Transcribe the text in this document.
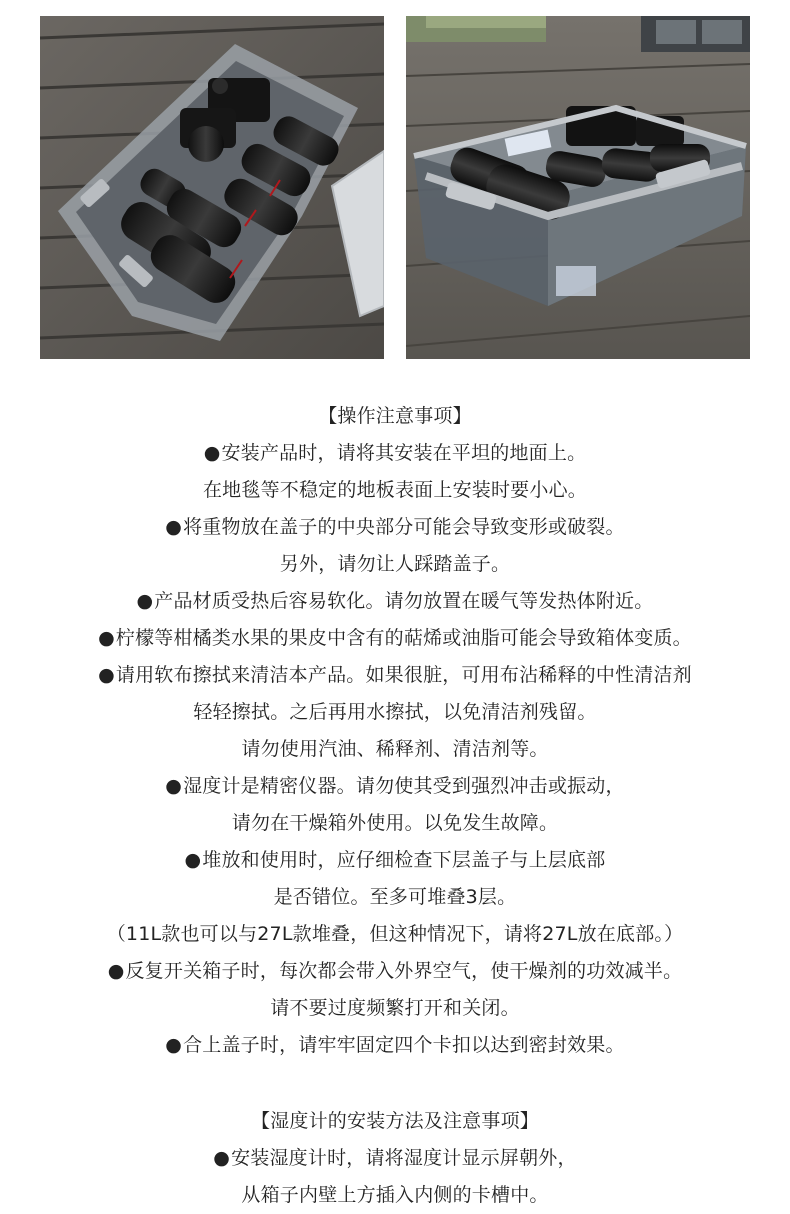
【操作注意事项】
● 安装产品时，请将其安装在平坦的地面上。
在地毯等不稳定的地板表面上安装时要小心。
● 将重物放在盖子的中央部分可能会导致变形或破裂。
另外，请勿让人踩踏盖子。
● 产品材质受热后容易软化。请勿放置在暖气等发热体附近。
● 柠檬等柑橘类水果的果皮中含有的萜烯或油脂可能会导致箱体变质。
● 请用软布擦拭来清洁本产品。如果很脏，可用布沾稀释的中性清洁剂
轻轻擦拭。之后再用水擦拭，以免清洁剂残留。
请勿使用汽油、稀释剂、清洁剂等。
● 湿度计是精密仪器。请勿使其受到强烈冲击或振动，
请勿在干燥箱外使用。以免发生故障。
● 堆放和使用时，应仔细检查下层盖子与上层底部
是否错位。至多可堆叠3层。
（11L款也可以与27L款堆叠，但这种情况下，请将27L放在底部。）
● 反复开关箱子时，每次都会带入外界空气，使干燥剂的功效减半。
请不要过度频繁打开和关闭。
● 合上盖子时，请牢牢固定四个卡扣以达到密封效果。
【湿度计的安装方法及注意事项】
● 安装湿度计时，请将湿度计显示屏朝外，
从箱子内壁上方插入内侧的卡槽中。
